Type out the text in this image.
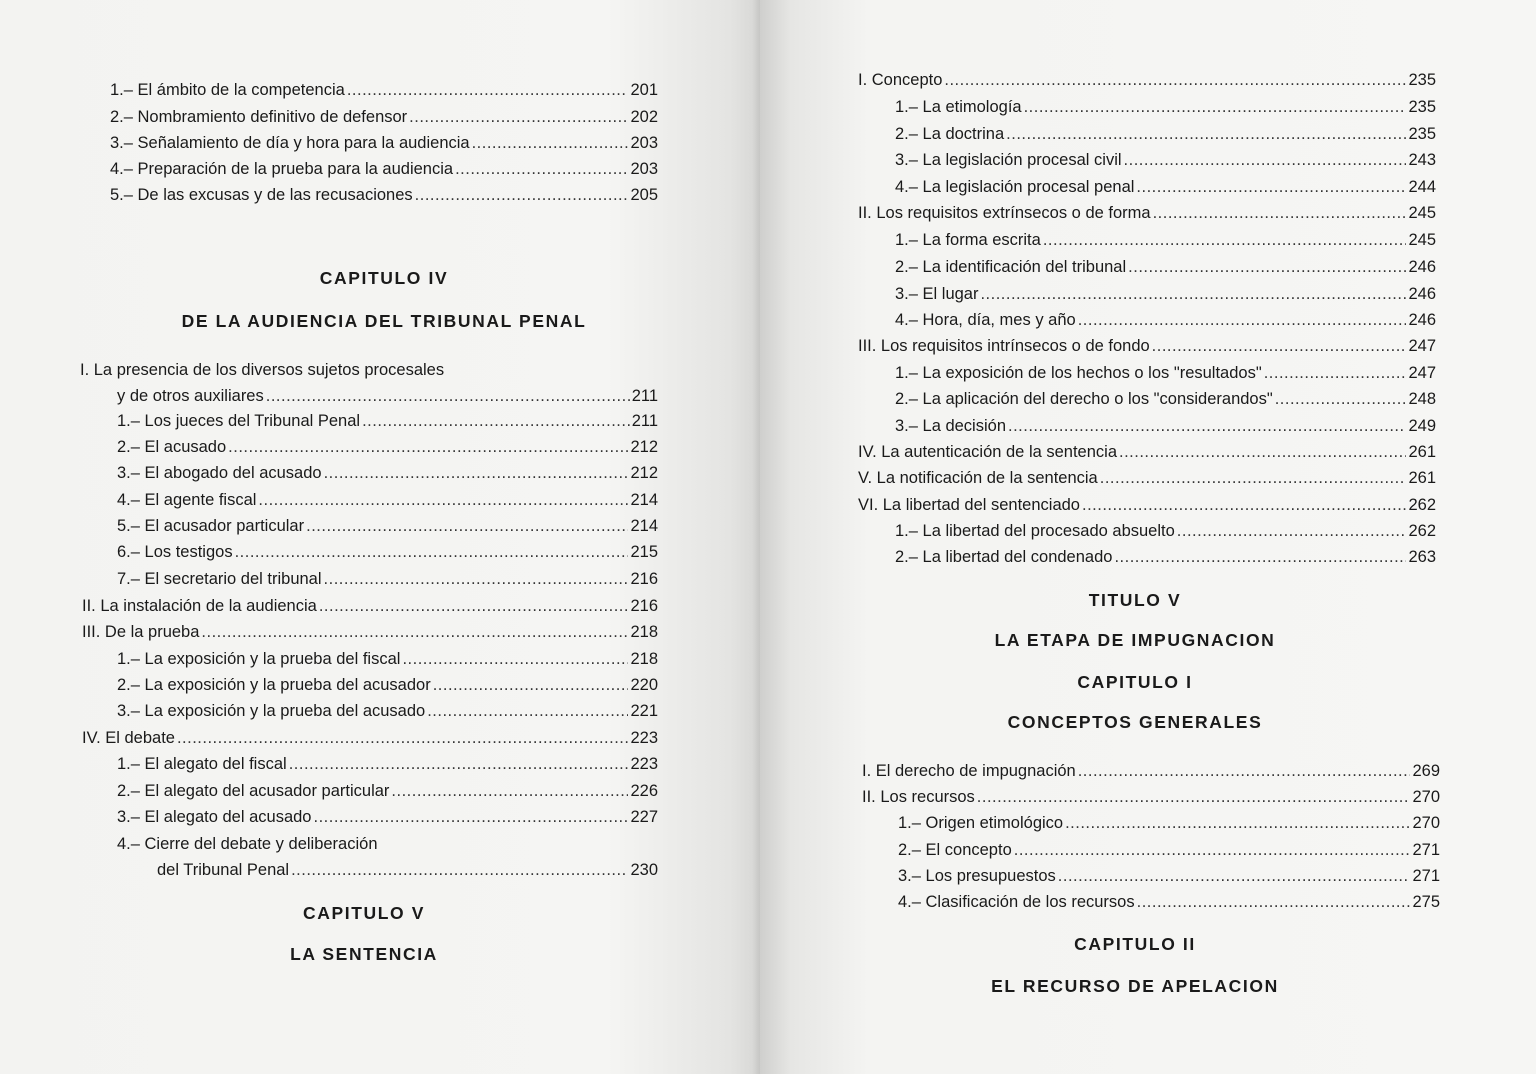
1.– El ámbito de la competencia .....	201
2.– Nombramiento definitivo de defensor .....	202
3.– Señalamiento de día y hora para la audiencia .....	203
4.– Preparación de la prueba para la audiencia .....	203
5.– De las excusas y de las recusaciones .....	205
CAPITULO IV
DE LA AUDIENCIA DEL TRIBUNAL PENAL
I. La presencia de los diversos sujetos procesales
y de otros auxiliares .....	211
1.– Los jueces del Tribunal Penal .....	211
2.– El acusado .....	212
3.– El abogado del acusado .....	212
4.– El agente fiscal .....	214
5.– El acusador particular .....	214
6.– Los testigos .....	215
7.– El secretario del tribunal .....	216
II. La instalación de la audiencia .....	216
III. De la prueba .....	218
1.– La exposición y la prueba del fiscal .....	218
2.– La exposición y la prueba del acusador .....	220
3.– La exposición y la prueba del acusado .....	221
IV. El debate .....	223
1.– El alegato del fiscal .....	223
2.– El alegato del acusador particular .....	226
3.– El alegato del acusado .....	227
4.– Cierre del debate y deliberación
del Tribunal Penal .....	230
CAPITULO V
LA SENTENCIA
I. Concepto .....	235
1.– La etimología .....	235
2.– La doctrina .....	235
3.– La legislación procesal civil .....	243
4.– La legislación procesal penal .....	244
II. Los requisitos extrínsecos o de forma .....	245
1.– La forma escrita .....	245
2.– La identificación del tribunal .....	246
3.– El lugar .....	246
4.– Hora, día, mes y año .....	246
III. Los requisitos intrínsecos o de fondo .....	247
1.– La exposición de los hechos o los "resultados" .....	247
2.– La aplicación del derecho o los "considerandos" .....	248
3.– La decisión .....	249
IV. La autenticación de la sentencia .....	261
V. La notificación de la sentencia .....	261
VI. La libertad del sentenciado .....	262
1.– La libertad del procesado absuelto .....	262
2.– La libertad del condenado .....	263
TITULO V
LA ETAPA DE IMPUGNACION
CAPITULO I
CONCEPTOS GENERALES
I. El derecho de impugnación .....	269
II. Los recursos .....	270
1.– Origen etimológico .....	270
2.– El concepto .....	271
3.– Los presupuestos .....	271
4.– Clasificación de los recursos .....	275
CAPITULO II
EL RECURSO DE APELACION
